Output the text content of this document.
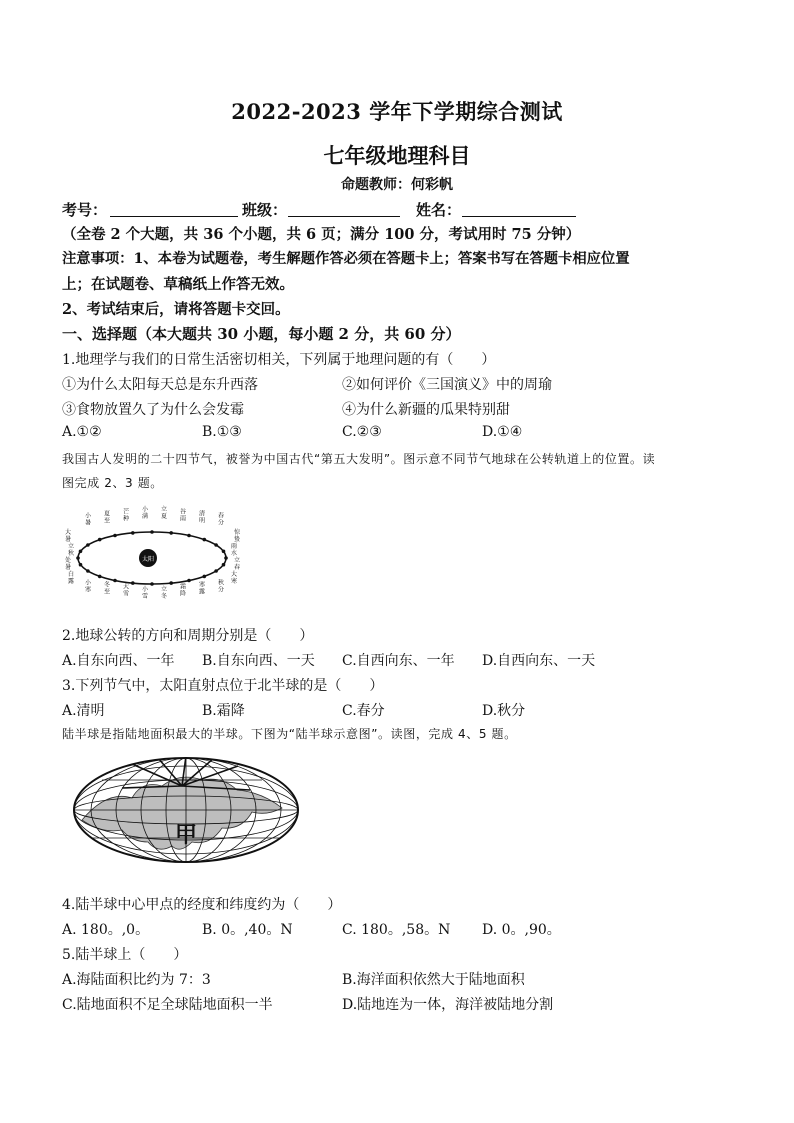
2022-2023 学年下学期综合测试
七年级地理科目
命题教师：何彩帆
考号：	班级：	姓名：
（全卷 2 个大题，共 36 个小题，共 6 页；满分 100 分，考试用时 75 分钟）
注意事项：1、本卷为试题卷，考生解题作答必须在答题卡上；答案书写在答题卡相应位置
上；在试题卷、草稿纸上作答无效。
2、考试结束后，请将答题卡交回。
一、选择题（本大题共 30 小题，每小题 2 分，共 60 分）
1.地理学与我们的日常生活密切相关，下列属于地理问题的有（　　）
①为什么太阳每天总是东升西落	②如何评价《三国演义》中的周瑜
③食物放置久了为什么会发霉	④为什么新疆的瓜果特别甜
A.①②	B.①③	C.②③	D.①④
我国古人发明的二十四节气，被誉为中国古代“第五大发明”。图示意不同节气地球在公转轨道上的位置。读
图完成 2、3 题。
太阳
小暑
夏至
芒种
小满
立夏
谷雨
清明
春分
小寒
冬至
大雪
小雪
立冬
霜降
寒露
秋分
大暑
立秋
处暑
白露
惊蛰
雨水
立春
大寒
2.地球公转的方向和周期分别是（　　）
A.自东向西、一年 B.自东向西、一天 C.自西向东、一年 D.自西向东、一天
3.下列节气中，太阳直射点位于北半球的是（　　）
A.清明	B.霜降	C.春分	D.秋分
陆半球是指陆地面积最大的半球。下图为“陆半球示意图”。读图，完成 4、5 题。
甲
4.陆半球中心甲点的经度和纬度约为（　　）
A. 180。,0。	B. 0。,40。N	C. 180。,58。N D. 0。,90。
5.陆半球上（　　）
A.海陆面积比约为 7：3	B.海洋面积依然大于陆地面积
C.陆地面积不足全球陆地面积一半	D.陆地连为一体，海洋被陆地分割
